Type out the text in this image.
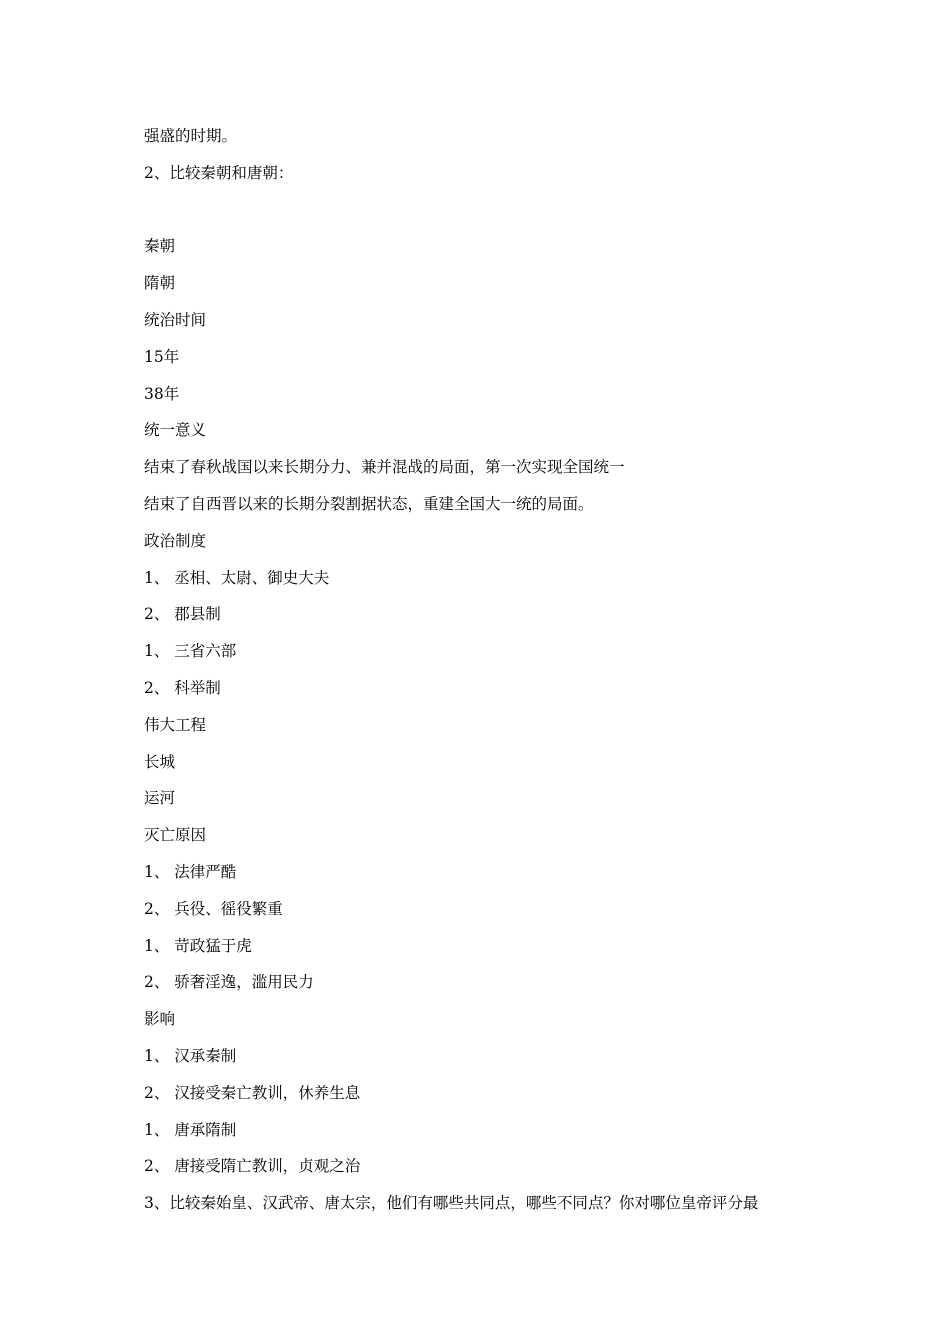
强盛的时期。
2、比较秦朝和唐朝：
秦朝
隋朝
统治时间
15年
38年
统一意义
结束了春秋战国以来长期分力、兼并混战的局面，第一次实现全国统一
结束了自西晋以来的长期分裂割据状态，重建全国大一统的局面。
政治制度
1、 丞相、太尉、御史大夫
2、 郡县制
1、 三省六部
2、 科举制
伟大工程
长城
运河
灭亡原因
1、 法律严酷
2、 兵役、徭役繁重
1、 苛政猛于虎
2、 骄奢淫逸，滥用民力
影响
1、 汉承秦制
2、 汉接受秦亡教训，休养生息
1、 唐承隋制
2、 唐接受隋亡教训，贞观之治
3、比较秦始皇、汉武帝、唐太宗，他们有哪些共同点，哪些不同点？你对哪位皇帝评分最
